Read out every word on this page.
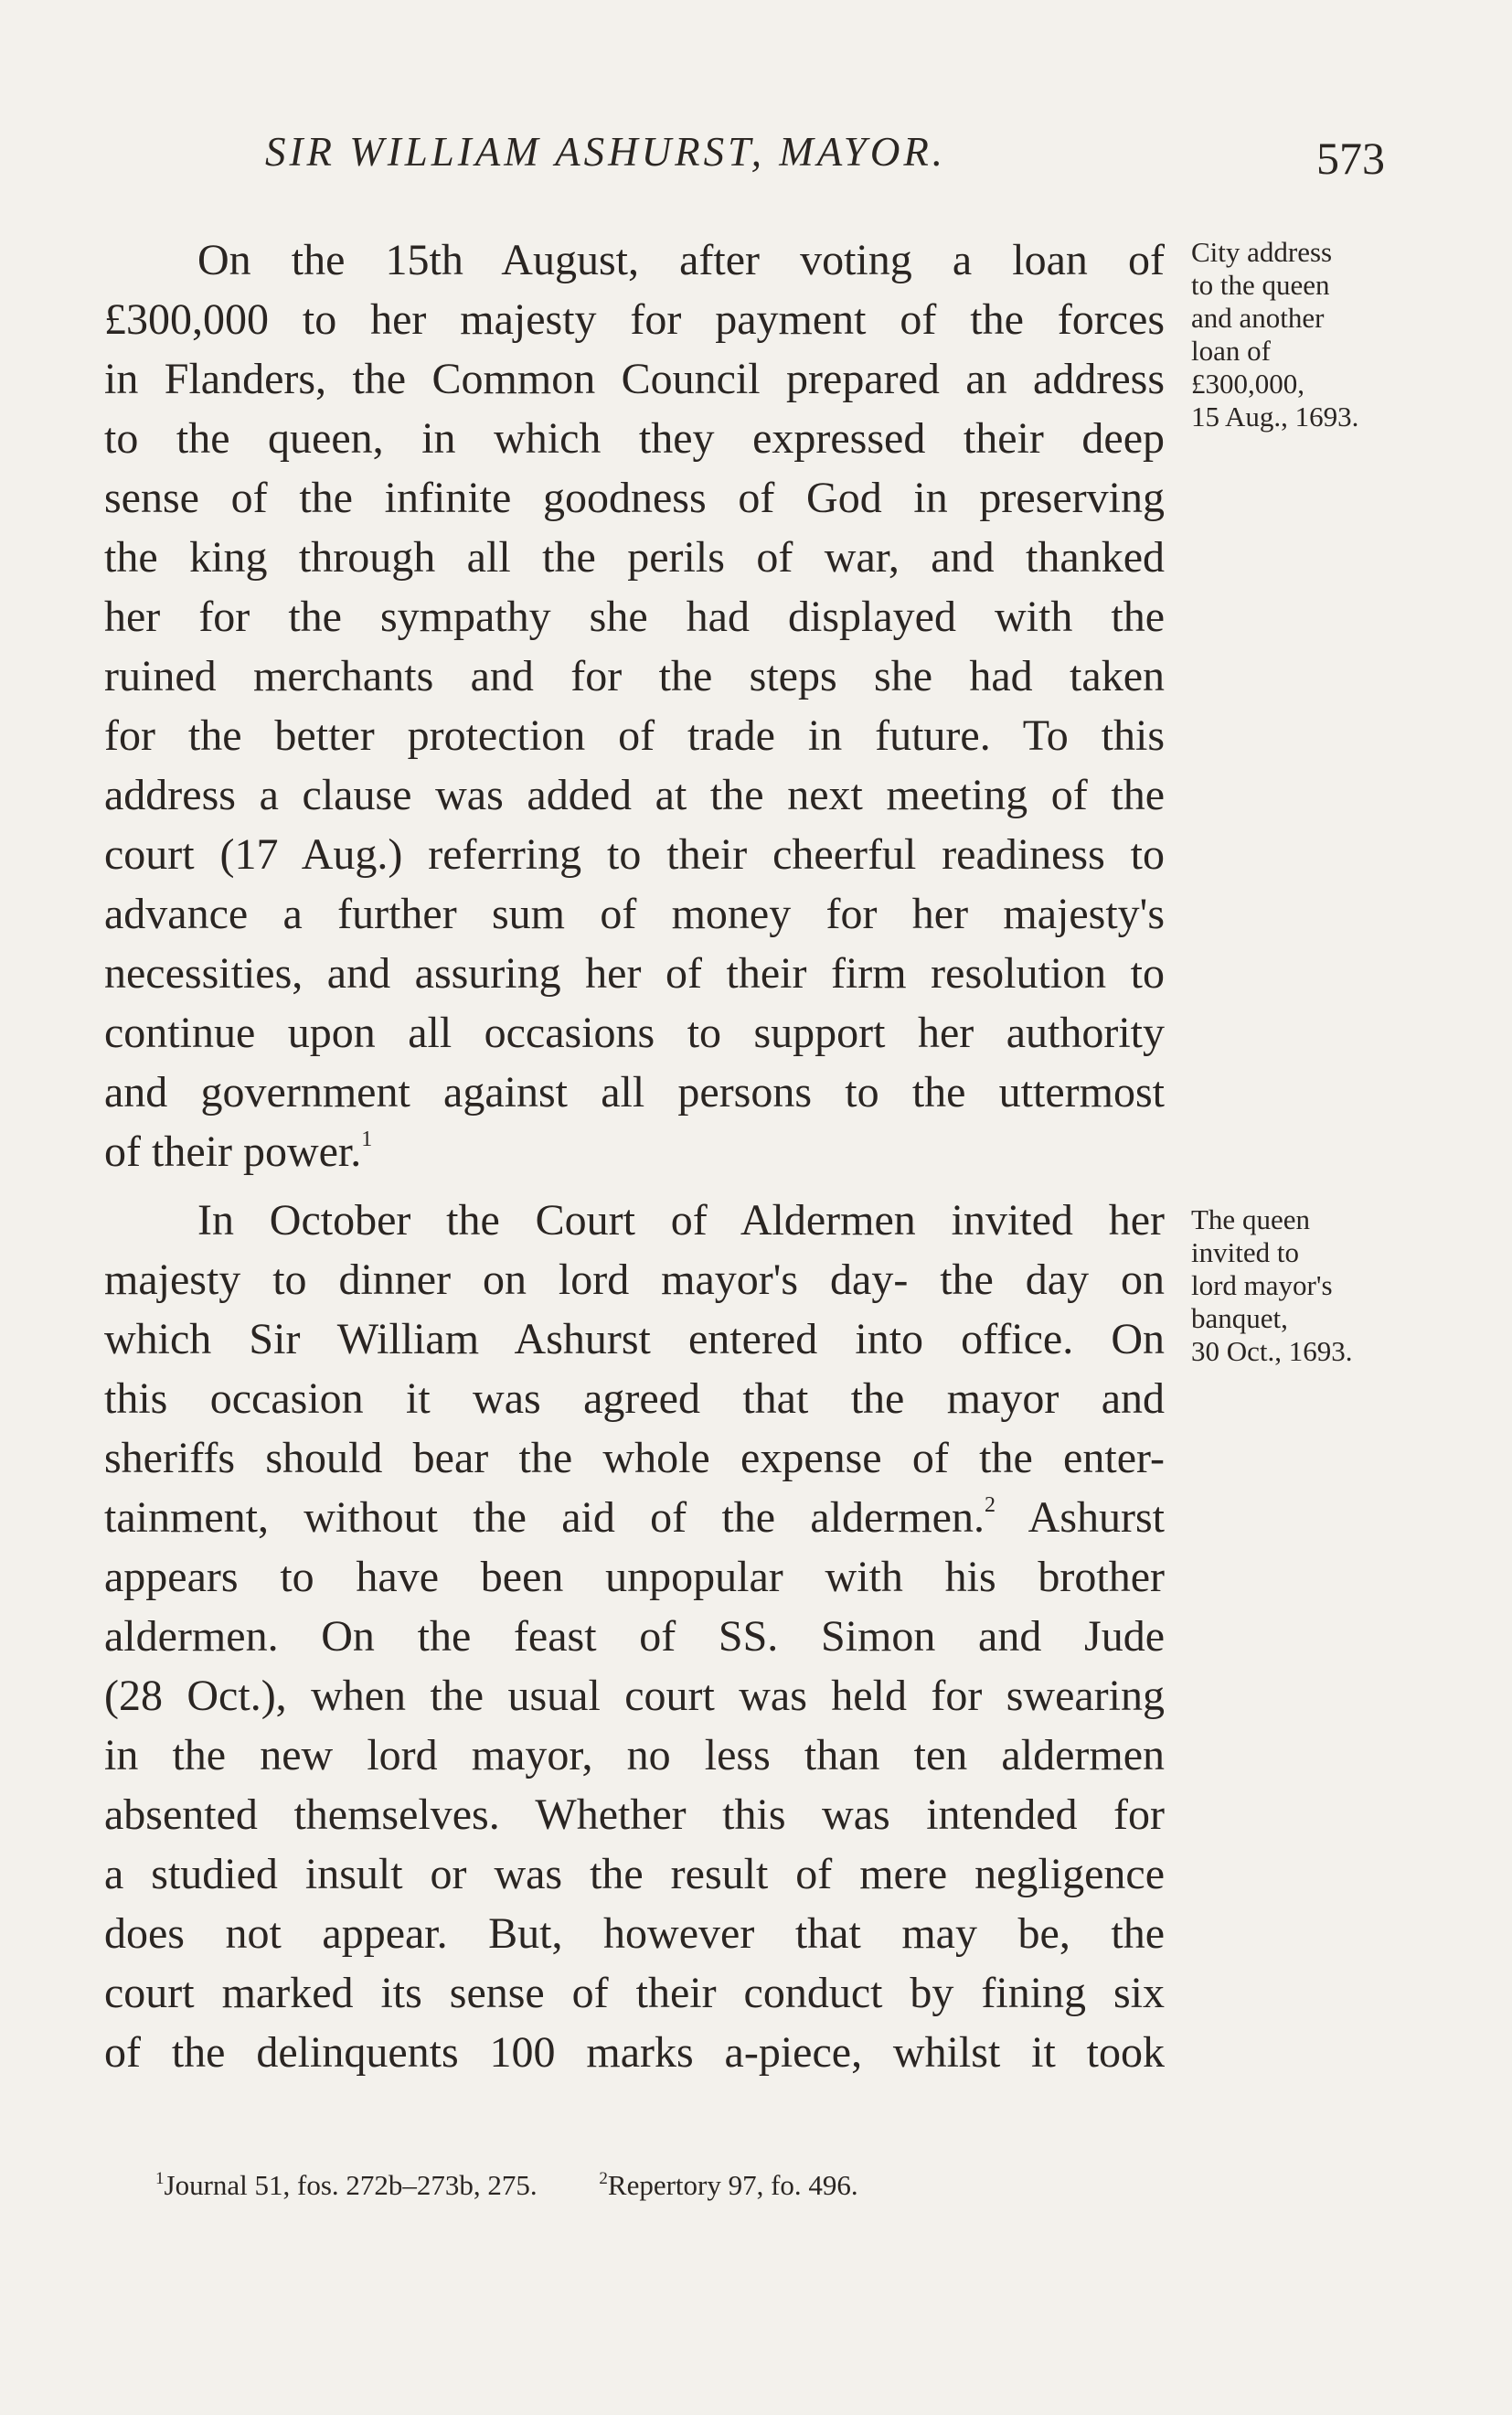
SIR WILLIAM ASHURST, MAYOR.	573
On the 15th August, after voting a loan of
£300,000 to her majesty for payment of the forces
in Flanders, the Common Council prepared an address
to the queen, in which they expressed their deep
sense of the infinite goodness of God in preserving
the king through all the perils of war, and thanked
her for the sympathy she had displayed with the
ruined merchants and for the steps she had taken
for the better protection of trade in future. To this
address a clause was added at the next meeting of the
court (17 Aug.) referring to their cheerful readiness to
advance a further sum of money for her majesty's
necessities, and assuring her of their firm resolution to
continue upon all occasions to support her authority
and government against all persons to the uttermost
of their power.$^1$
In October the Court of Aldermen invited her
majesty to dinner on lord mayor's day- the day on
which Sir William Ashurst entered into office. On
this occasion it was agreed that the mayor and
sheriffs should bear the whole expense of the enter-
tainment, without the aid of the aldermen.$^2$ Ashurst
appears to have been unpopular with his brother
aldermen. On the feast of SS. Simon and Jude
(28 Oct.), when the usual court was held for swearing
in the new lord mayor, no less than ten aldermen
absented themselves. Whether this was intended for
a studied insult or was the result of mere negligence
does not appear. But, however that may be, the
court marked its sense of their conduct by fining six
of the delinquents 100 marks a-piece, whilst it took
City address
to the queen
and another
loan of
£300,000,
15 Aug., 1693.
The queen
invited to
lord mayor's
banquet,
30 Oct., 1693.
$^1$Journal 51, fos. 272b–273b, 275.	$^2$Repertory 97, fo. 496.
